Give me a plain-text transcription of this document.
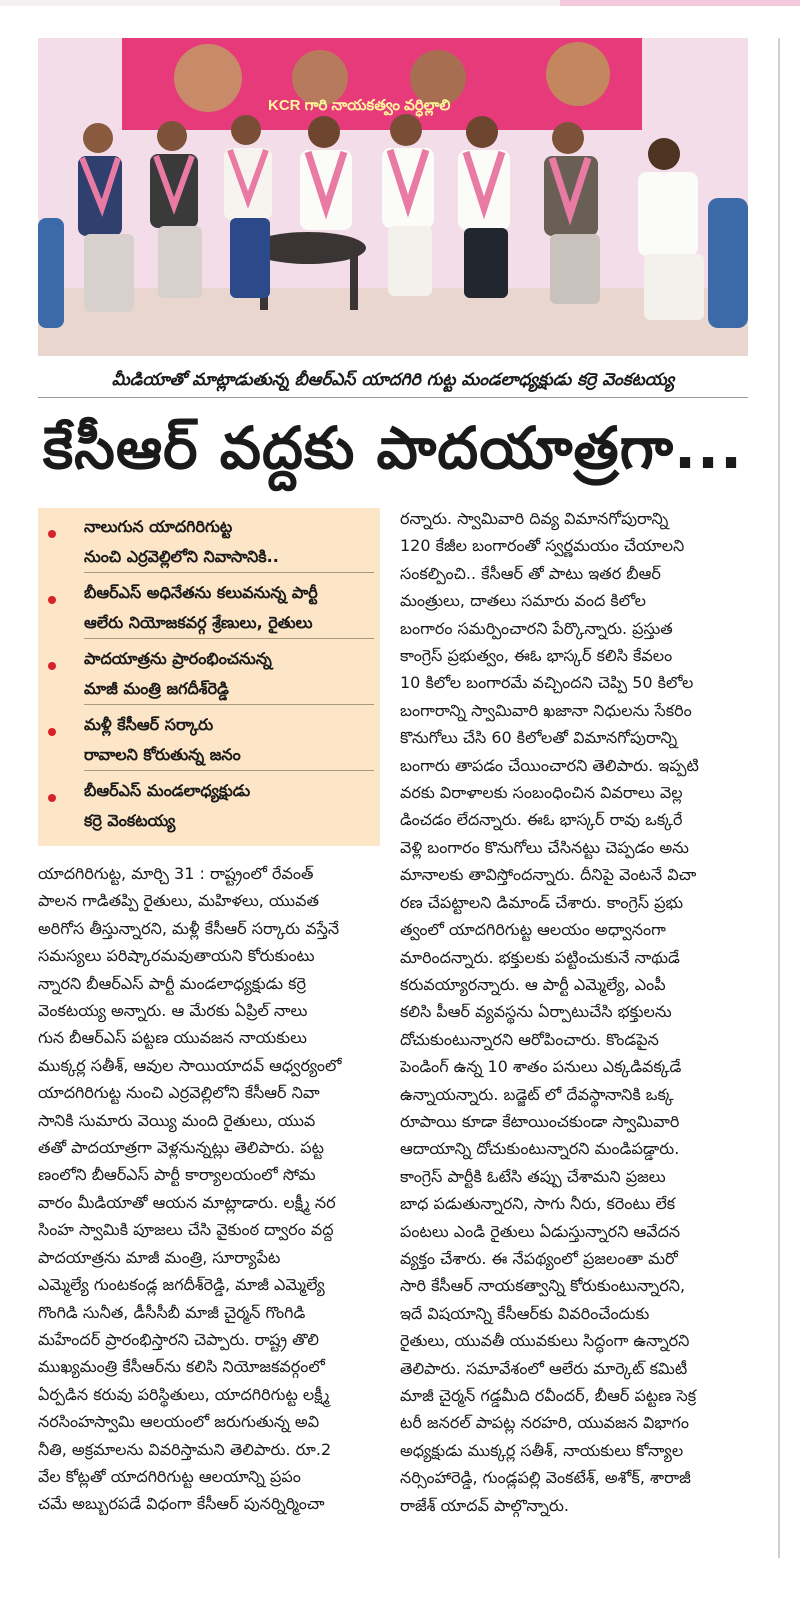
KCR గారి నాయకత్వం వర్ధిల్లాలి
మీడియాతో మాట్లాడుతున్న బీఆర్ఎస్ యాదగిరి గుట్ట మండలాధ్యక్షుడు కర్రె వెంకటయ్య
కేసీఆర్ వద్దకు పాదయాత్రగా...
నాలుగున యాదగిరిగుట్ట
నుంచి ఎర్రవెల్లిలోని నివాసానికి..
బీఆర్ఎస్ అధినేతను కలువనున్న పార్టీ
ఆలేరు నియోజకవర్గ శ్రేణులు, రైతులు
పాదయాత్రను ప్రారంభించనున్న
మాజీ మంత్రి జగదీశ్‌రెడ్డి
మళ్లీ కేసీఆర్ సర్కారు
రావాలని కోరుతున్న జనం
బీఆర్ఎస్ మండలాధ్యక్షుడు
కర్రె వెంకటయ్య

యాదగిరిగుట్ట, మార్చి 31 : రాష్ట్రంలో రేవంత్

పాలన గాడితప్పి రైతులు, మహిళలు, యువత

అరిగోస తీస్తున్నారని, మళ్లీ కేసీఆర్ సర్కారు వస్తేనే

సమస్యలు పరిష్కారమవుతాయని కోరుకుంటు

న్నారని బీఆర్ఎస్ పార్టీ మండలాధ్యక్షుడు కర్రె

వెంకటయ్య అన్నారు. ఆ మేరకు ఏప్రిల్ నాలు

గున బీఆర్ఎస్ పట్టణ యువజన నాయకులు

ముక్కర్ల సతీశ్, ఆవుల సాయియాదవ్ ఆధ్వర్యంలో

యాదగిరిగుట్ట నుంచి ఎర్రవెల్లిలోని కేసీఆర్ నివా

సానికి సుమారు వెయ్యి మంది రైతులు, యువ

తతో పాదయాత్రగా వెళ్లనున్నట్లు తెలిపారు. పట్ట

ణంలోని బీఆర్ఎస్ పార్టీ కార్యాలయంలో సోమ

వారం మీడియాతో ఆయన మాట్లాడారు. లక్ష్మీ నర

సింహ స్వామికి పూజలు చేసి వైకుంఠ ద్వారం వద్ద

పాదయాత్రను మాజీ మంత్రి, సూర్యాపేట

ఎమ్మెల్యే గుంటకండ్ల జగదీశ్‌రెడ్డి, మాజీ ఎమ్మెల్యే

గొంగిడి సునీత, డీసీసీబీ మాజీ చైర్మన్ గొంగిడి

మహేందర్ ప్రారంభిస్తారని చెప్పారు. రాష్ట్ర తొలి

ముఖ్యమంత్రి కేసీఆర్‌ను కలిసి నియోజకవర్గంలో

ఏర్పడిన కరువు పరిస్థితులు, యాదగిరిగుట్ట లక్ష్మీ

నరసింహస్వామి ఆలయంలో జరుగుతున్న అవి

నీతి, అక్రమాలను వివరిస్తామని తెలిపారు. రూ.2

వేల కోట్లతో యాదగిరిగుట్ట ఆలయాన్ని ప్రపం

చమే అబ్బురపడే విధంగా కేసీఆర్ పునర్నిర్మించా

రన్నారు. స్వామివారి దివ్య విమానగోపురాన్ని

120 కేజీల బంగారంతో స్వర్ణమయం చేయాలని

సంకల్పించి.. కేసీఆర్ తో పాటు ఇతర బీఆర్

మంత్రులు, దాతలు సమారు వంద కిలోల

బంగారం సమర్పించారని పేర్కొన్నారు. ప్రస్తుత

కాంగ్రెస్ ప్రభుత్వం, ఈఓ భాస్కర్ కలిసి కేవలం

10 కిలోల బంగారమే వచ్చిందని చెప్పి 50 కిలోల

బంగారాన్ని స్వామివారి ఖజానా నిధులను సేకరిం

కొనుగోలు చేసి 60 కిలోలతో విమానగోపురాన్ని

బంగారు తాపడం చేయించారని తెలిపారు. ఇప్పటి

వరకు విరాళాలకు సంబంధించిన వివరాలు వెల్ల

డించడం లేదన్నారు. ఈఓ భాస్కర్ రావు ఒక్కరే

వెళ్లి బంగారం కొనుగోలు చేసినట్టు చెప్పడం అను

మానాలకు తావిస్తోందన్నారు. దీనిపై వెంటనే విచా

రణ చేపట్టాలని డిమాండ్ చేశారు. కాంగ్రెస్ ప్రభు

త్వంలో యాదగిరిగుట్ట ఆలయం అధ్వానంగా

మారిందన్నారు. భక్తులకు పట్టించుకునే నాథుడే

కరువయ్యారన్నారు. ఆ పార్టీ ఎమ్మెల్యే, ఎంపీ

కలిసి పీఆర్ వ్యవస్థను ఏర్పాటుచేసి భక్తులను

దోచుకుంటున్నారని ఆరోపించారు. కొండపైన

పెండింగ్ ఉన్న 10 శాతం పనులు ఎక్కడివక్కడే

ఉన్నాయన్నారు. బడ్జెట్ లో దేవస్థానానికి ఒక్క

రూపాయి కూడా కేటాయించకుండా స్వామివారి

ఆదాయాన్ని దోచుకుంటున్నారని మండిపడ్డారు.

కాంగ్రెస్ పార్టీకి ఓటేసి తప్పు చేశామని ప్రజలు

బాధ పడుతున్నారని, సాగు నీరు, కరెంటు లేక

పంటలు ఎండి రైతులు ఏడుస్తున్నారని ఆవేదన

వ్యక్తం చేశారు. ఈ నేపథ్యంలో ప్రజలంతా మరో

సారి కేసీఆర్ నాయకత్వాన్ని కోరుకుంటున్నారని,

ఇదే విషయాన్ని కేసీఆర్‌కు వివరించేందుకు

రైతులు, యువతీ యువకులు సిద్ధంగా ఉన్నారని

తెలిపారు. సమావేశంలో ఆలేరు మార్కెట్ కమిటీ

మాజీ చైర్మన్ గడ్డమీది రవీందర్, బీఆర్ పట్టణ సెక్ర

టరీ జనరల్ పాపట్ల నరహరి, యువజన విభాగం

అధ్యక్షుడు ముక్కర్ల సతీశ్, నాయకులు కోన్యాల

నర్సింహారెడ్డి, గుండ్లపల్లి వెంకటేశ్, అశోక్, శారాజీ

రాజేశ్ యాదవ్ పాల్గొన్నారు.
